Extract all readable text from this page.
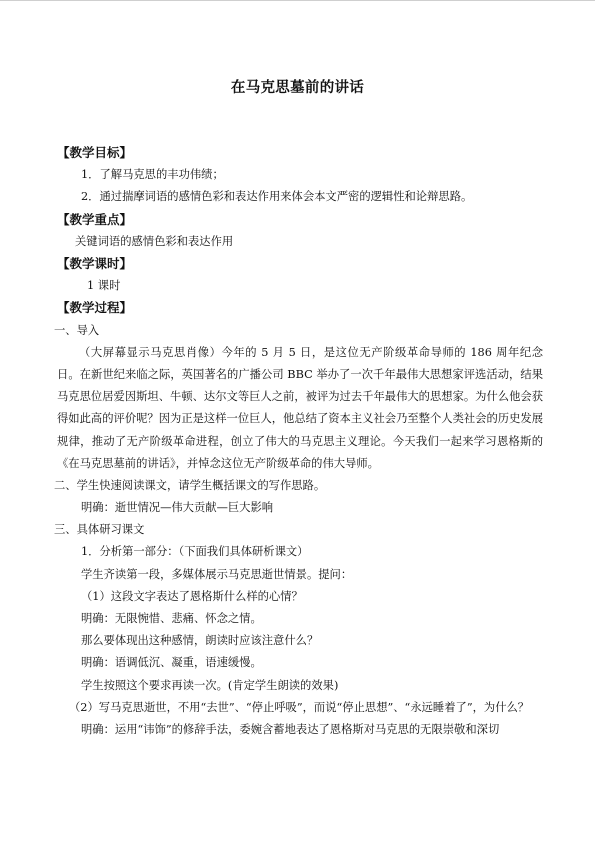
在马克思墓前的讲话
【教学目标】
1．了解马克思的丰功伟绩；
2．通过揣摩词语的感情色彩和表达作用来体会本文严密的逻辑性和论辩思路。
【教学重点】
关键词语的感情色彩和表达作用
【教学课时】
1 课时
【教学过程】
一、导入
（大屏幕显示马克思肖像）今年的 5 月 5 日，是这位无产阶级革命导师的 186 周年纪念日。在新世纪来临之际，英国著名的广播公司 BBC 举办了一次千年最伟大思想家评选活动，结果马克思位居爱因斯坦、牛顿、达尔文等巨人之前，被评为过去千年最伟大的思想家。为什么他会获得如此高的评价呢？因为正是这样一位巨人，他总结了资本主义社会乃至整个人类社会的历史发展规律，推动了无产阶级革命进程，创立了伟大的马克思主义理论。今天我们一起来学习恩格斯的《在马克思墓前的讲话》，并悼念这位无产阶级革命的伟大导师。
二、学生快速阅读课文，请学生概括课文的写作思路。
明确：逝世情况—伟大贡献—巨大影响
三、具体研习课文
1．分析第一部分：（下面我们具体研析课文）
学生齐读第一段，多媒体展示马克思逝世情景。提问：
（1）这段文字表达了恩格斯什么样的心情？
明确：无限惋惜、悲痛、怀念之情。
那么要体现出这种感情，朗读时应该注意什么？
明确：语调低沉、凝重，语速缓慢。
学生按照这个要求再读一次。(肯定学生朗读的效果)
（2）写马克思逝世，不用“去世”、“停止呼吸”，而说“停止思想”、“永远睡着了”，为什么？
明确：运用“讳饰”的修辞手法，委婉含蓄地表达了恩格斯对马克思的无限崇敬和深切
